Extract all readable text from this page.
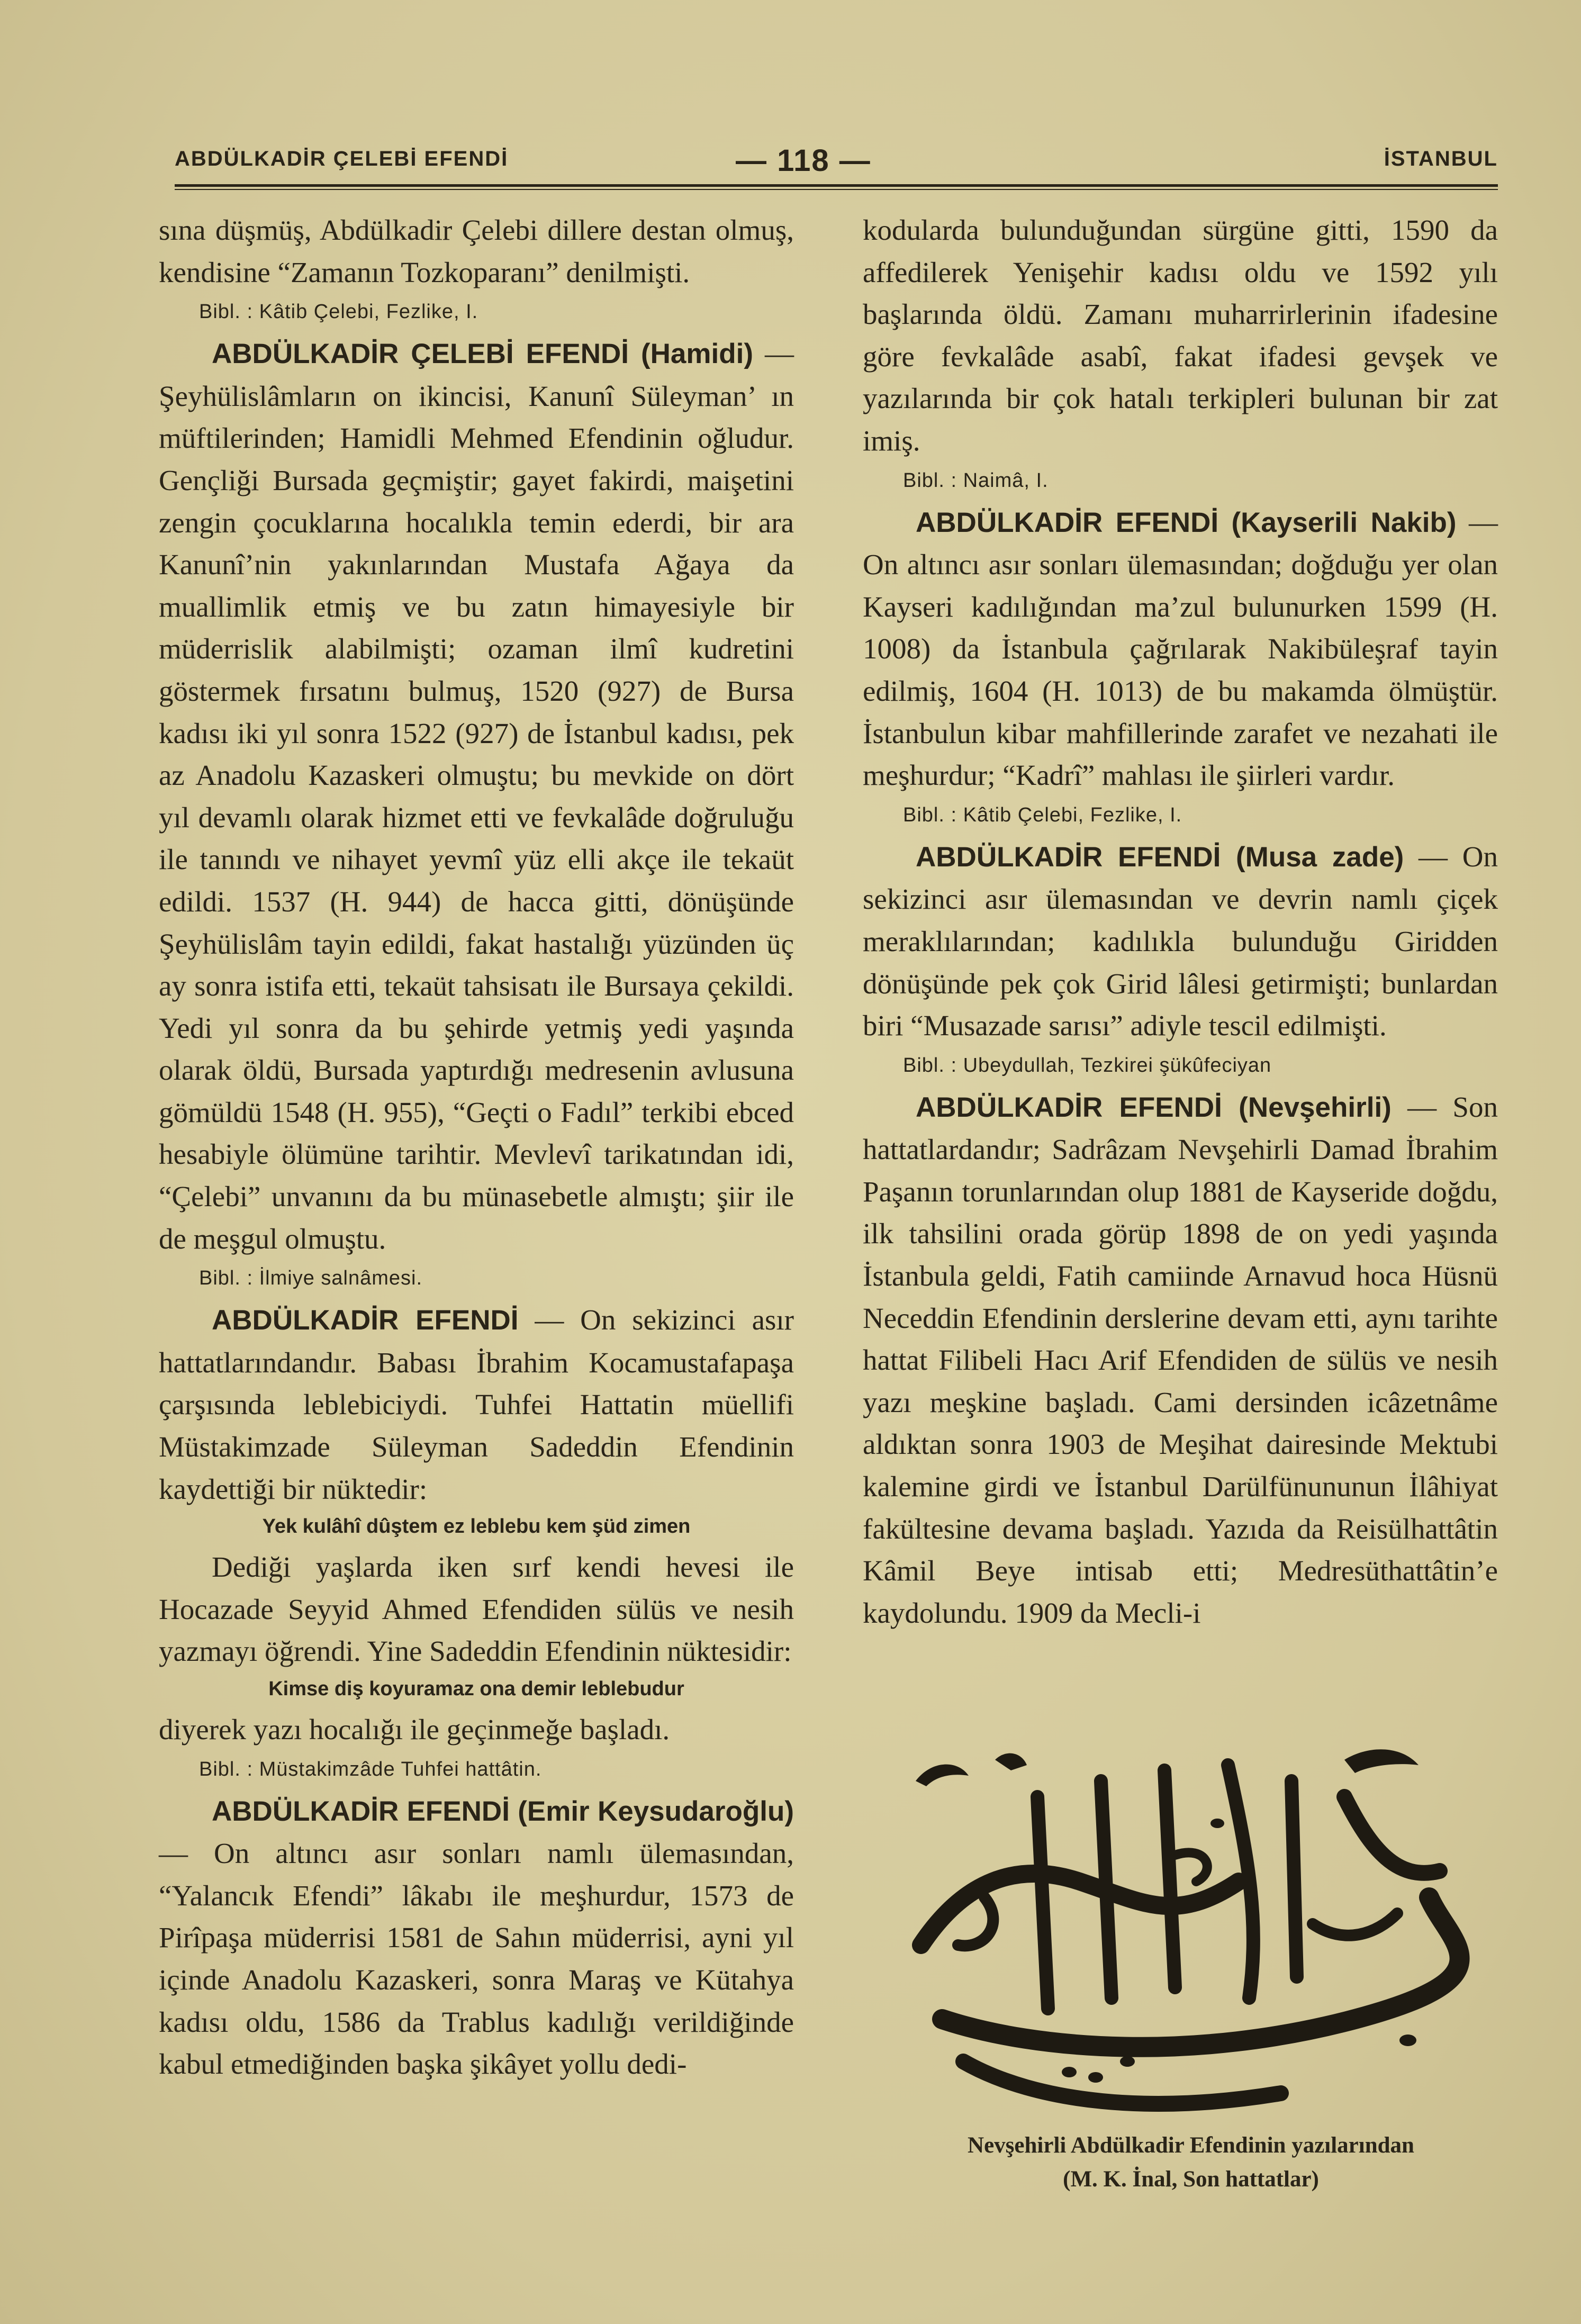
ABDÜLKADİR ÇELEBİ EFENDİ	— 118 —	İSTANBUL

sına düşmüş, Abdülkadir Çelebi dillere destan olmuş, kendisine “Zamanın Tozkoparanı” denilmişti.

Bibl. : Kâtib Çelebi, Fezlike, I.

ABDÜLKADİR ÇELEBİ EFENDİ (Hamidi) — Şeyhülislâmların on ikincisi, Kanunî Süleyman’ ın müftilerinden; Hamidli Mehmed Efendinin oğludur. Gençliği Bursada geçmiştir; gayet fakirdi, maişetini zengin çocuklarına hocalıkla temin ederdi, bir ara Kanunî’nin yakınlarından Mustafa Ağaya da muallimlik etmiş ve bu zatın himayesiyle bir müderrislik alabilmişti; ozaman ilmî kudretini göstermek fırsatını bulmuş, 1520 (927) de Bursa kadısı iki yıl sonra 1522 (927) de İstanbul kadısı, pek az Anadolu Kazaskeri olmuştu; bu mevkide on dört yıl devamlı olarak hizmet etti ve fevkalâde doğruluğu ile tanındı ve nihayet yevmî yüz elli akçe ile tekaüt edildi. 1537 (H. 944) de hacca gitti, dönüşünde Şeyhülislâm tayin edildi, fakat hastalığı yüzünden üç ay sonra istifa etti, tekaüt tahsisatı ile Bursaya çekildi. Yedi yıl sonra da bu şehirde yetmiş yedi yaşında olarak öldü, Bursada yaptırdığı medresenin avlusuna gömüldü 1548 (H. 955), “Geçti o Fadıl” terkibi ebced hesabiyle ölümüne tarihtir. Mevlevî tarikatından idi, “Çelebi” unvanını da bu münasebetle almıştı; şiir ile de meşgul olmuştu.

Bibl. : İlmiye salnâmesi.

ABDÜLKADİR EFENDİ — On sekizinci asır hattatlarındandır. Babası İbrahim Kocamustafapaşa çarşısında leblebiciydi. Tuhfei Hattatin müellifi Müstakimzade Süleyman Sadeddin Efendinin kaydettiği bir nüktedir:

Yek kulâhî dûştem ez leblebu kem şüd zimen

Dediği yaşlarda iken sırf kendi hevesi ile Hocazade Seyyid Ahmed Efendiden sülüs ve nesih yazmayı öğrendi. Yine Sadeddin Efendinin nüktesidir:

Kimse diş koyuramaz ona demir leblebudur

diyerek yazı hocalığı ile geçinmeğe başladı.

Bibl. : Müstakimzâde Tuhfei hattâtin.

ABDÜLKADİR EFENDİ (Emir Keysudaroğlu) — On altıncı asır sonları namlı ülemasından, “Yalancık Efendi” lâkabı ile meşhurdur, 1573 de Pirîpaşa müderrisi 1581 de Sahın müderrisi, ayni yıl içinde Anadolu Kazaskeri, sonra Maraş ve Kütahya kadısı oldu, 1586 da Trablus kadılığı verildiğinde kabul etmediğinden başka şikâyet yollu dedi-

kodularda bulunduğundan sürgüne gitti, 1590 da affedilerek Yenişehir kadısı oldu ve 1592 yılı başlarında öldü. Zamanı muharrirlerinin ifadesine göre fevkalâde asabî, fakat ifadesi gevşek ve yazılarında bir çok hatalı terkipleri bulunan bir zat imiş.

Bibl. : Naimâ, I.

ABDÜLKADİR EFENDİ (Kayserili Nakib) — On altıncı asır sonları ülemasından; doğduğu yer olan Kayseri kadılığından ma’zul bulunurken 1599 (H. 1008) da İstanbula çağrılarak Nakibüleşraf tayin edilmiş, 1604 (H. 1013) de bu makamda ölmüştür. İstanbulun kibar mahfillerinde zarafet ve nezahati ile meşhurdur; “Kadrî” mahlası ile şiirleri vardır.

Bibl. : Kâtib Çelebi, Fezlike, I.

ABDÜLKADİR EFENDİ (Musa zade) — On sekizinci asır ülemasından ve devrin namlı çiçek meraklılarından; kadılıkla bulunduğu Giridden dönüşünde pek çok Girid lâlesi getirmişti; bunlardan biri “Musazade sarısı” adiyle tescil edilmişti.

Bibl. : Ubeydullah, Tezkirei şükûfeciyan

ABDÜLKADİR EFENDİ (Nevşehirli) — Son hattatlardandır; Sadrâzam Nevşehirli Damad İbrahim Paşanın torunlarından olup 1881 de Kayseride doğdu, ilk tahsilini orada görüp 1898 de on yedi yaşında İstanbula geldi, Fatih camiinde Arnavud hoca Hüsnü Neceddin Efendinin derslerine devam etti, aynı tarihte hattat Filibeli Hacı Arif Efendiden de sülüs ve nesih yazı meşkine başladı. Cami dersinden icâzetnâme aldıktan sonra 1903 de Meşihat dairesinde Mektubi kalemine girdi ve İstanbul Darülfünununun İlâhiyat fakültesine devama başladı. Yazıda da Reisülhattâtin Kâmil Beye intisab etti; Medresüthattâtin’e kaydolundu. 1909 da Mecli-i

Nevşehirli Abdülkadir Efendinin yazılarından
(M. K. İnal, Son hattatlar)
